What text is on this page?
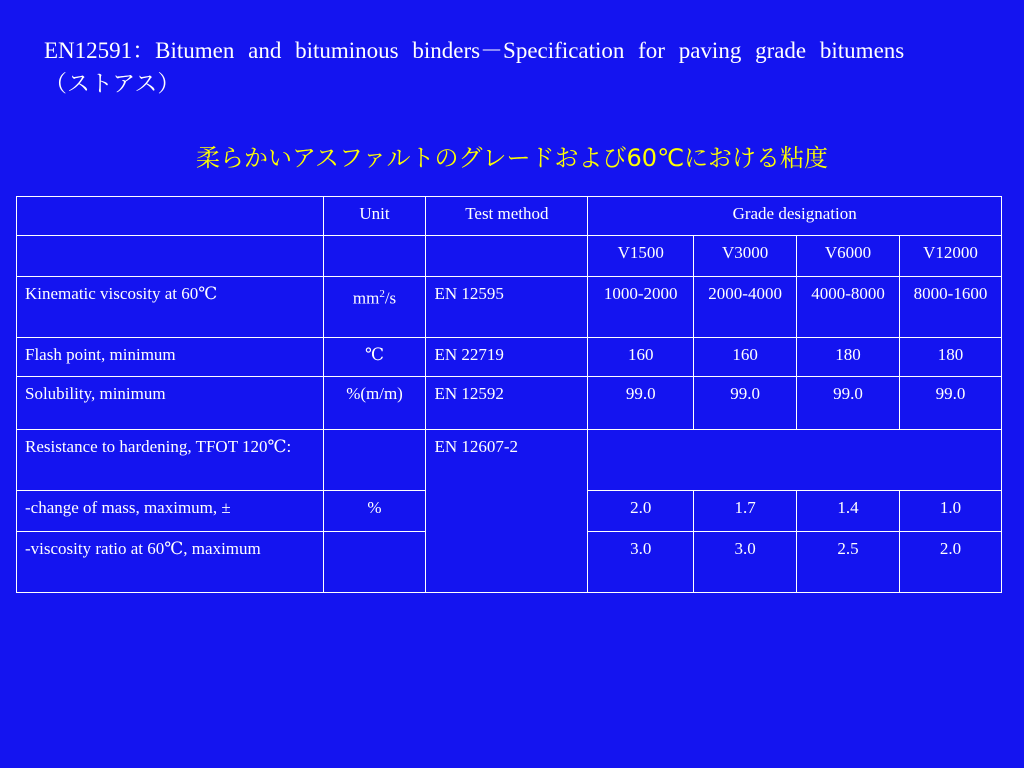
EN12591：Bitumen and bituminous binders－Specification for paving grade bitumens （ストアス）
柔らかいアスファルトのグレードおよび60℃における粘度
	Unit	Test method	Grade designation			
			V1500	V3000	V6000	V12000
Kinematic viscosity at 60℃	$mm^2/s$	EN 12595	1000-2000	2000-4000	4000-8000	8000-1600
Flash point, minimum	℃	EN 22719	160	160	180	180
Solubility, minimum	%(m/m)	EN 12592	99.0	99.0	99.0	99.0
Resistance to hardening, TFOT 120℃:		EN 12607-2				
-change of mass, maximum, ±	%		2.0	1.7	1.4	1.0
-viscosity ratio at 60℃, maximum			3.0	3.0	2.5	2.0
